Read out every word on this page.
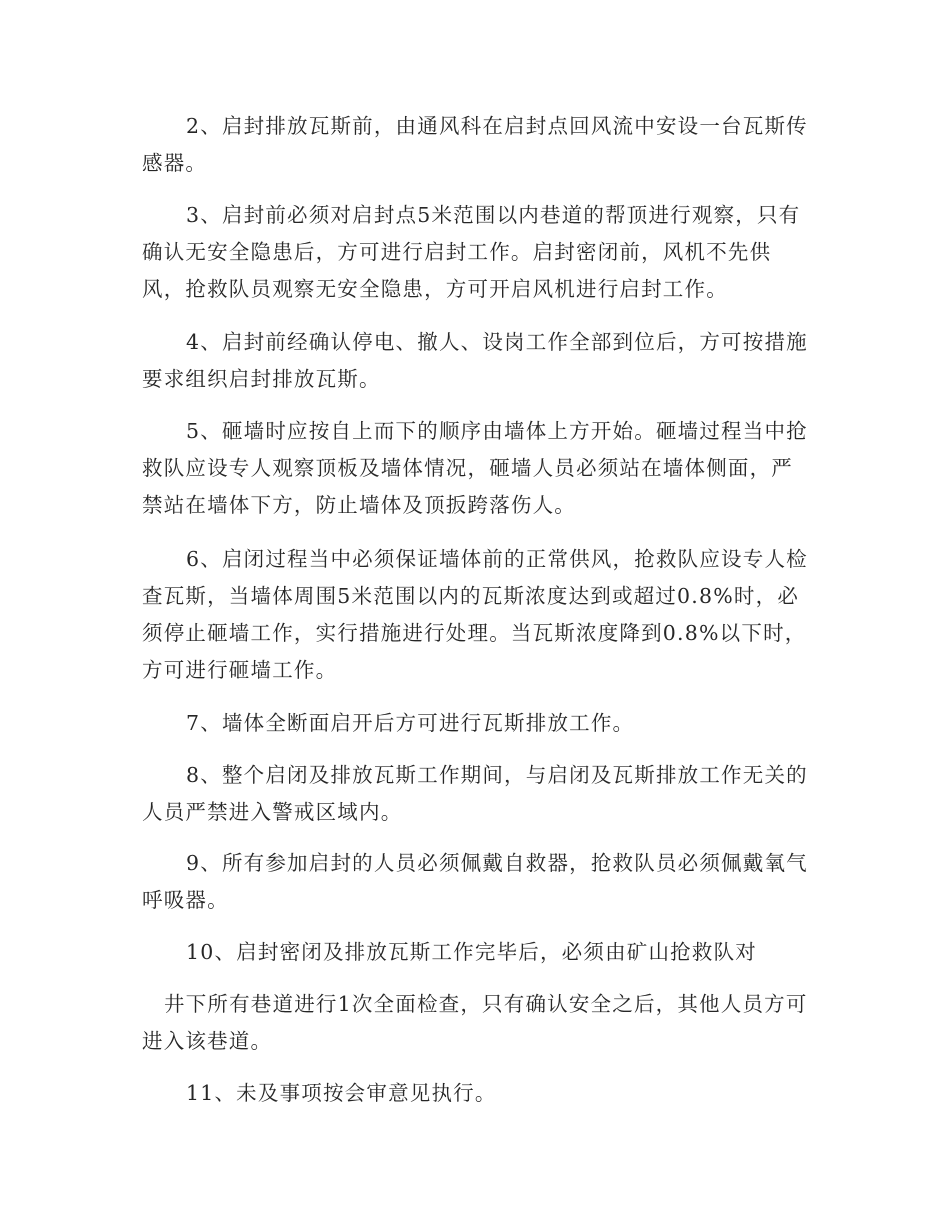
2、启封排放瓦斯前，由通风科在启封点回风流中安设一台瓦斯传感器。

3、启封前必须对启封点5米范围以内巷道的帮顶进行观察，只有确认无安全隐患后，方可进行启封工作。启封密闭前，风机不先供风，抢救队员观察无安全隐患，方可开启风机进行启封工作。

4、启封前经确认停电、撤人、设岗工作全部到位后，方可按措施要求组织启封排放瓦斯。

5、砸墙时应按自上而下的顺序由墙体上方开始。砸墙过程当中抢救队应设专人观察顶板及墙体情况，砸墙人员必须站在墙体侧面，严禁站在墙体下方，防止墙体及顶扳跨落伤人。

6、启闭过程当中必须保证墙体前的正常供风，抢救队应设专人检查瓦斯，当墙体周围5米范围以内的瓦斯浓度达到或超过0.8%时，必须停止砸墙工作，实行措施进行处理。当瓦斯浓度降到0.8%以下时，方可进行砸墙工作。

7、墙体全断面启开后方可进行瓦斯排放工作。

8、整个启闭及排放瓦斯工作期间，与启闭及瓦斯排放工作无关的人员严禁进入警戒区域内。

9、所有参加启封的人员必须佩戴自救器，抢救队员必须佩戴氧气呼吸器。

10、启封密闭及排放瓦斯工作完毕后，必须由矿山抢救队对

井下所有巷道进行1次全面检查，只有确认安全之后，其他人员方可进入该巷道。

11、未及事项按会审意见执行。
